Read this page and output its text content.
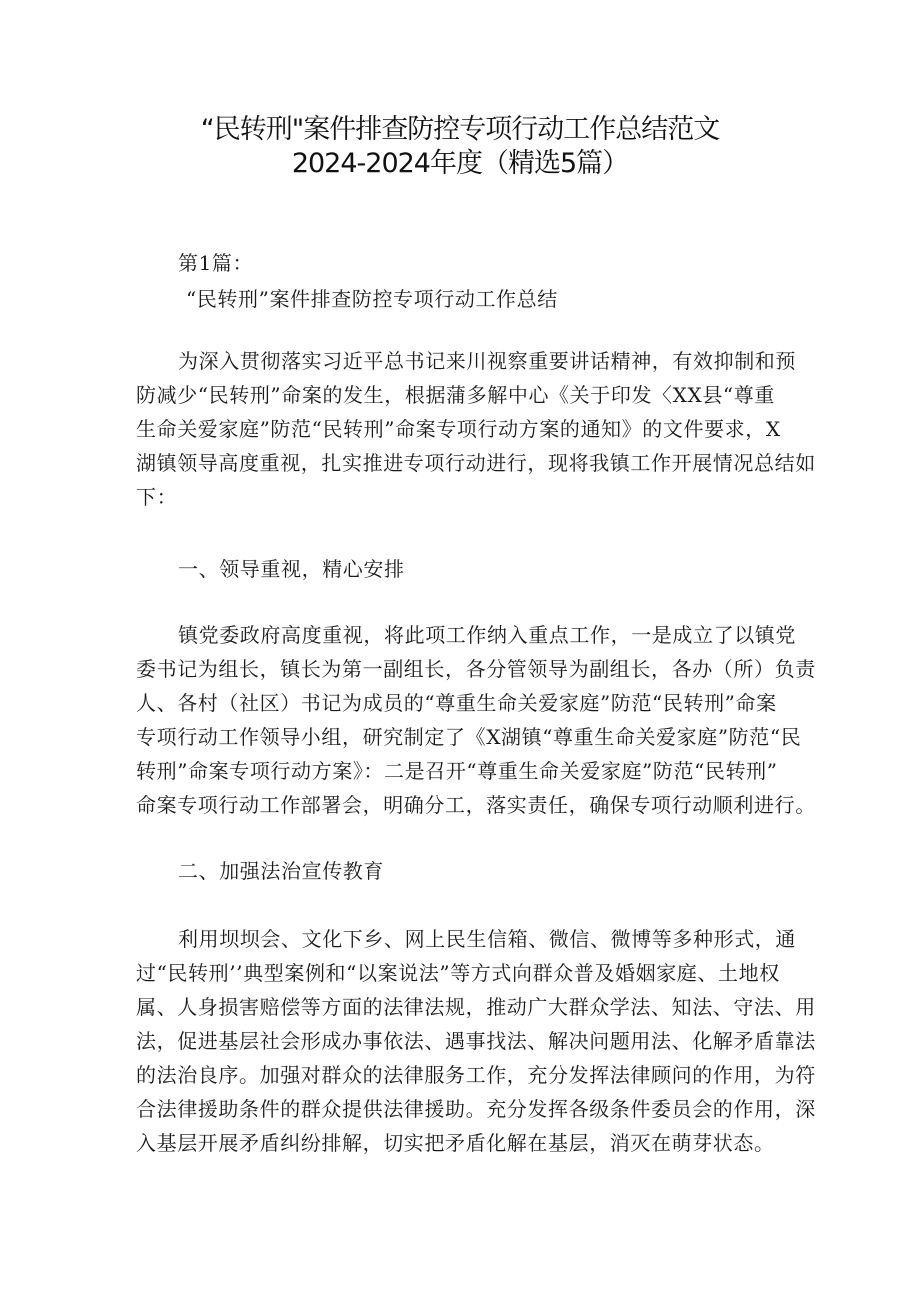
“民转刑"案件排查防控专项行动工作总结范文
2024-2024年度（精选5篇）
第1篇：
“民转刑”案件排查防控专项行动工作总结
为深入贯彻落实习近平总书记来川视察重要讲话精神，有效抑制和预
防减少“民转刑”命案的发生，根据蒲多解中心《关于印发〈XX县“尊重
生命关爱家庭”防范“民转刑”命案专项行动方案的通知》的文件要求，X
湖镇领导高度重视，扎实推进专项行动进行，现将我镇工作开展情况总结如
下：
一、领导重视，精心安排
镇党委政府高度重视，将此项工作纳入重点工作，一是成立了以镇党
委书记为组长，镇长为第一副组长，各分管领导为副组长，各办（所）负责
人、各村（社区）书记为成员的“尊重生命关爱家庭”防范“民转刑”命案
专项行动工作领导小组，研究制定了《X湖镇“尊重生命关爱家庭”防范“民
转刑”命案专项行动方案》：二是召开“尊重生命关爱家庭”防范“民转刑”
命案专项行动工作部署会，明确分工，落实责任，确保专项行动顺利进行。
二、加强法治宣传教育
利用坝坝会、文化下乡、网上民生信箱、微信、微博等多种形式，通
过“民转刑’’典型案例和“以案说法”等方式向群众普及婚姻家庭、土地权
属、人身损害赔偿等方面的法律法规，推动广大群众学法、知法、守法、用
法，促进基层社会形成办事依法、遇事找法、解决问题用法、化解矛盾靠法
的法治良序。加强对群众的法律服务工作，充分发挥法律顾问的作用，为符
合法律援助条件的群众提供法律援助。充分发挥各级条件委员会的作用，深
入基层开展矛盾纠纷排解，切实把矛盾化解在基层，消灭在萌芽状态。
